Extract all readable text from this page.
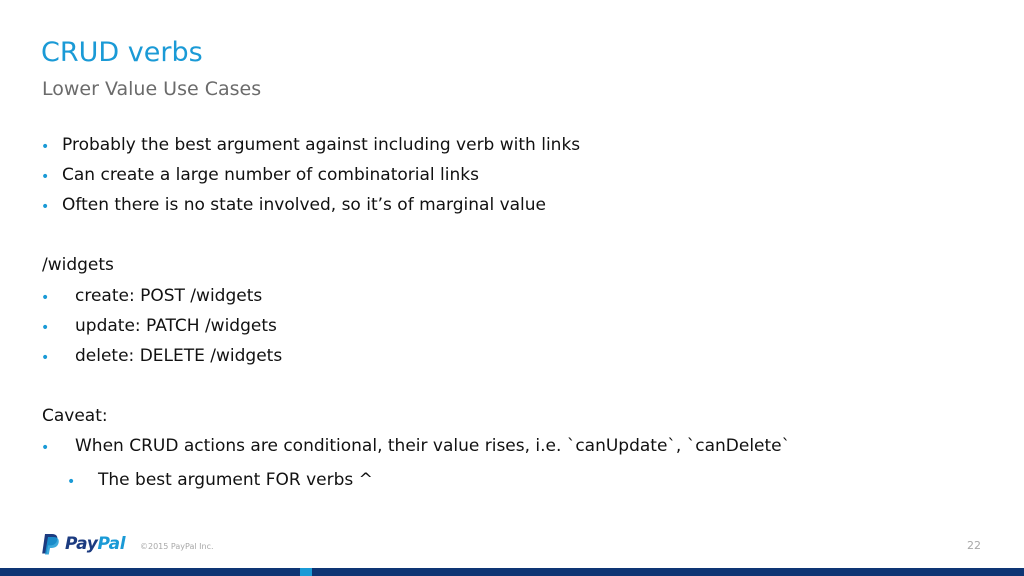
CRUD verbs
Lower Value Use Cases
• Probably the best argument against including verb with links
• Can create a large number of combinatorial links
• Often there is no state involved, so it’s of marginal value
/widgets
• create: POST /widgets
• update: PATCH /widgets
• delete: DELETE /widgets
Caveat:
• When CRUD actions are conditional, their value rises, i.e. `canUpdate`, `canDelete`
• The best argument FOR verbs ^
PayPal ©2015 PayPal Inc.	22
